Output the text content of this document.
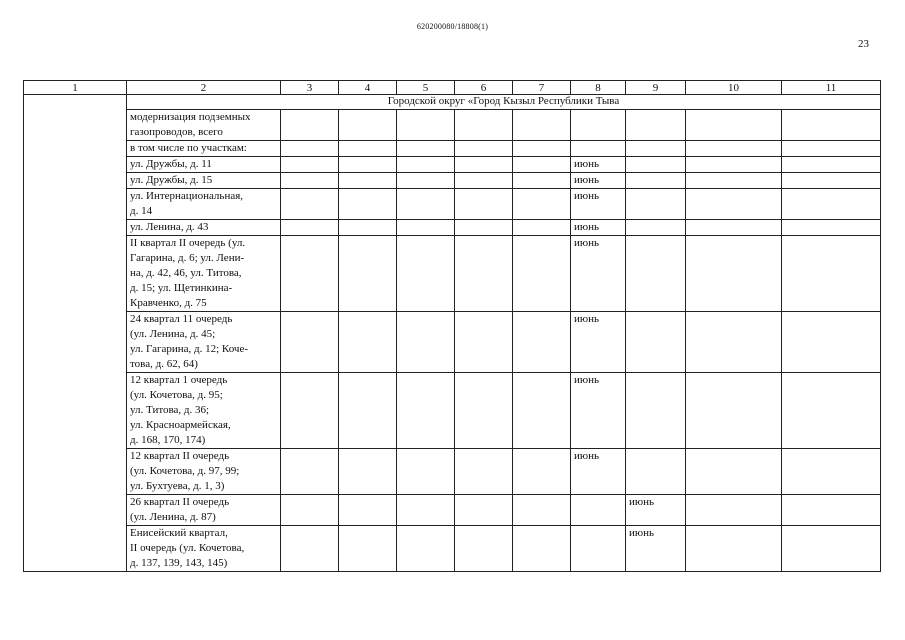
620200080/18808(1)
23
1	2	3	4	5	6	7	8	9	10	11
	Городской округ «Город Кызыл Республики Тыва									

	модернизация подземных
газопроводов, всего									

	в том числе по участкам:									

	ул. Дружбы, д. 11						июнь			

	ул. Дружбы, д. 15						июнь			

	ул. Интернациональная,
д. 14						июнь			

	ул. Ленина, д. 43						июнь			

	II квартал II очередь (ул.
Гагарина, д. 6; ул. Лени-
на, д. 42, 46, ул. Титова,
д. 15; ул. Щетинкина-
Кравченко, д. 75						июнь			

	24 квартал 11 очередь
(ул. Ленина, д. 45;
ул. Гагарина, д. 12; Коче-
това, д. 62, 64)						июнь			

	12 квартал 1 очередь
(ул. Кочетова, д. 95;
ул. Титова, д. 36;
ул. Красноармейская,
д. 168, 170, 174)						июнь			

	12 квартал II очередь
(ул. Кочетова, д. 97, 99;
ул. Бухтуева, д. 1, 3)						июнь			

	26 квартал II очередь
(ул. Ленина, д. 87)							июнь		

	Енисейский квартал,
II очередь (ул. Кочетова,
д. 137, 139, 143, 145)							июнь		
